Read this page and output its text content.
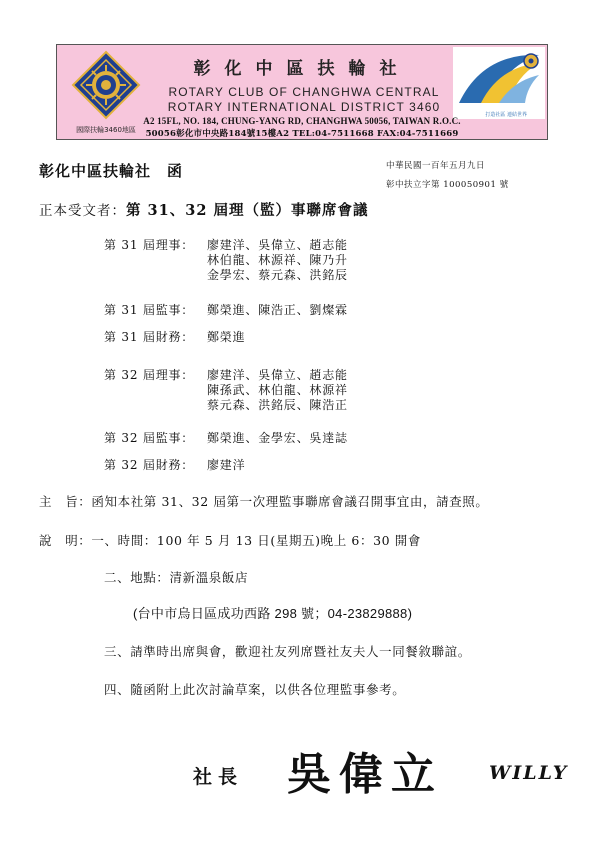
國際扶輪3460地區
彰化中區扶輪社
ROTARY CLUB OF CHANGHWA CENTRAL
ROTARY INTERNATIONAL DISTRICT 3460
打造社區 連結世界
A2 15FL, NO. 184, CHUNG-YANG RD, CHANGHWA 50056, TAIWAN R.O.C.
50056彰化市中央路184號15樓A2 TEL:04-7511668 FAX:04-7511669
彰化中區扶輪社 函	中華民國一百年五月九日
彰中扶立字第 100050901 號
正本受文者：第 31、32 屆理（監）事聯席會議
第 31 屆理事： 廖建洋、吳偉立、趙志能
林伯龍、林源祥、陳乃升
金學宏、蔡元森、洪銘辰
第 31 屆監事： 鄭榮進、陳浩正、劉燦霖
第 31 屆財務： 鄭榮進
第 32 屆理事： 廖建洋、吳偉立、趙志能
陳孫武、林伯龍、林源祥
蔡元森、洪銘辰、陳浩正
第 32 屆監事： 鄭榮進、金學宏、吳達誌
第 32 屆財務： 廖建洋
主　旨：函知本社第 31、32 屆第一次理監事聯席會議召開事宜由，請查照。
說　明：一、時間：100 年 5 月 13 日(星期五)晚上 6：30 開會
二、地點：清新溫泉飯店
(台中市烏日區成功西路 298 號；04-23829888)
三、請準時出席與會，歡迎社友列席暨社友夫人一同餐敘聯誼。
四、隨函附上此次討論草案，以供各位理監事參考。
社長 吳偉立 WILLY
